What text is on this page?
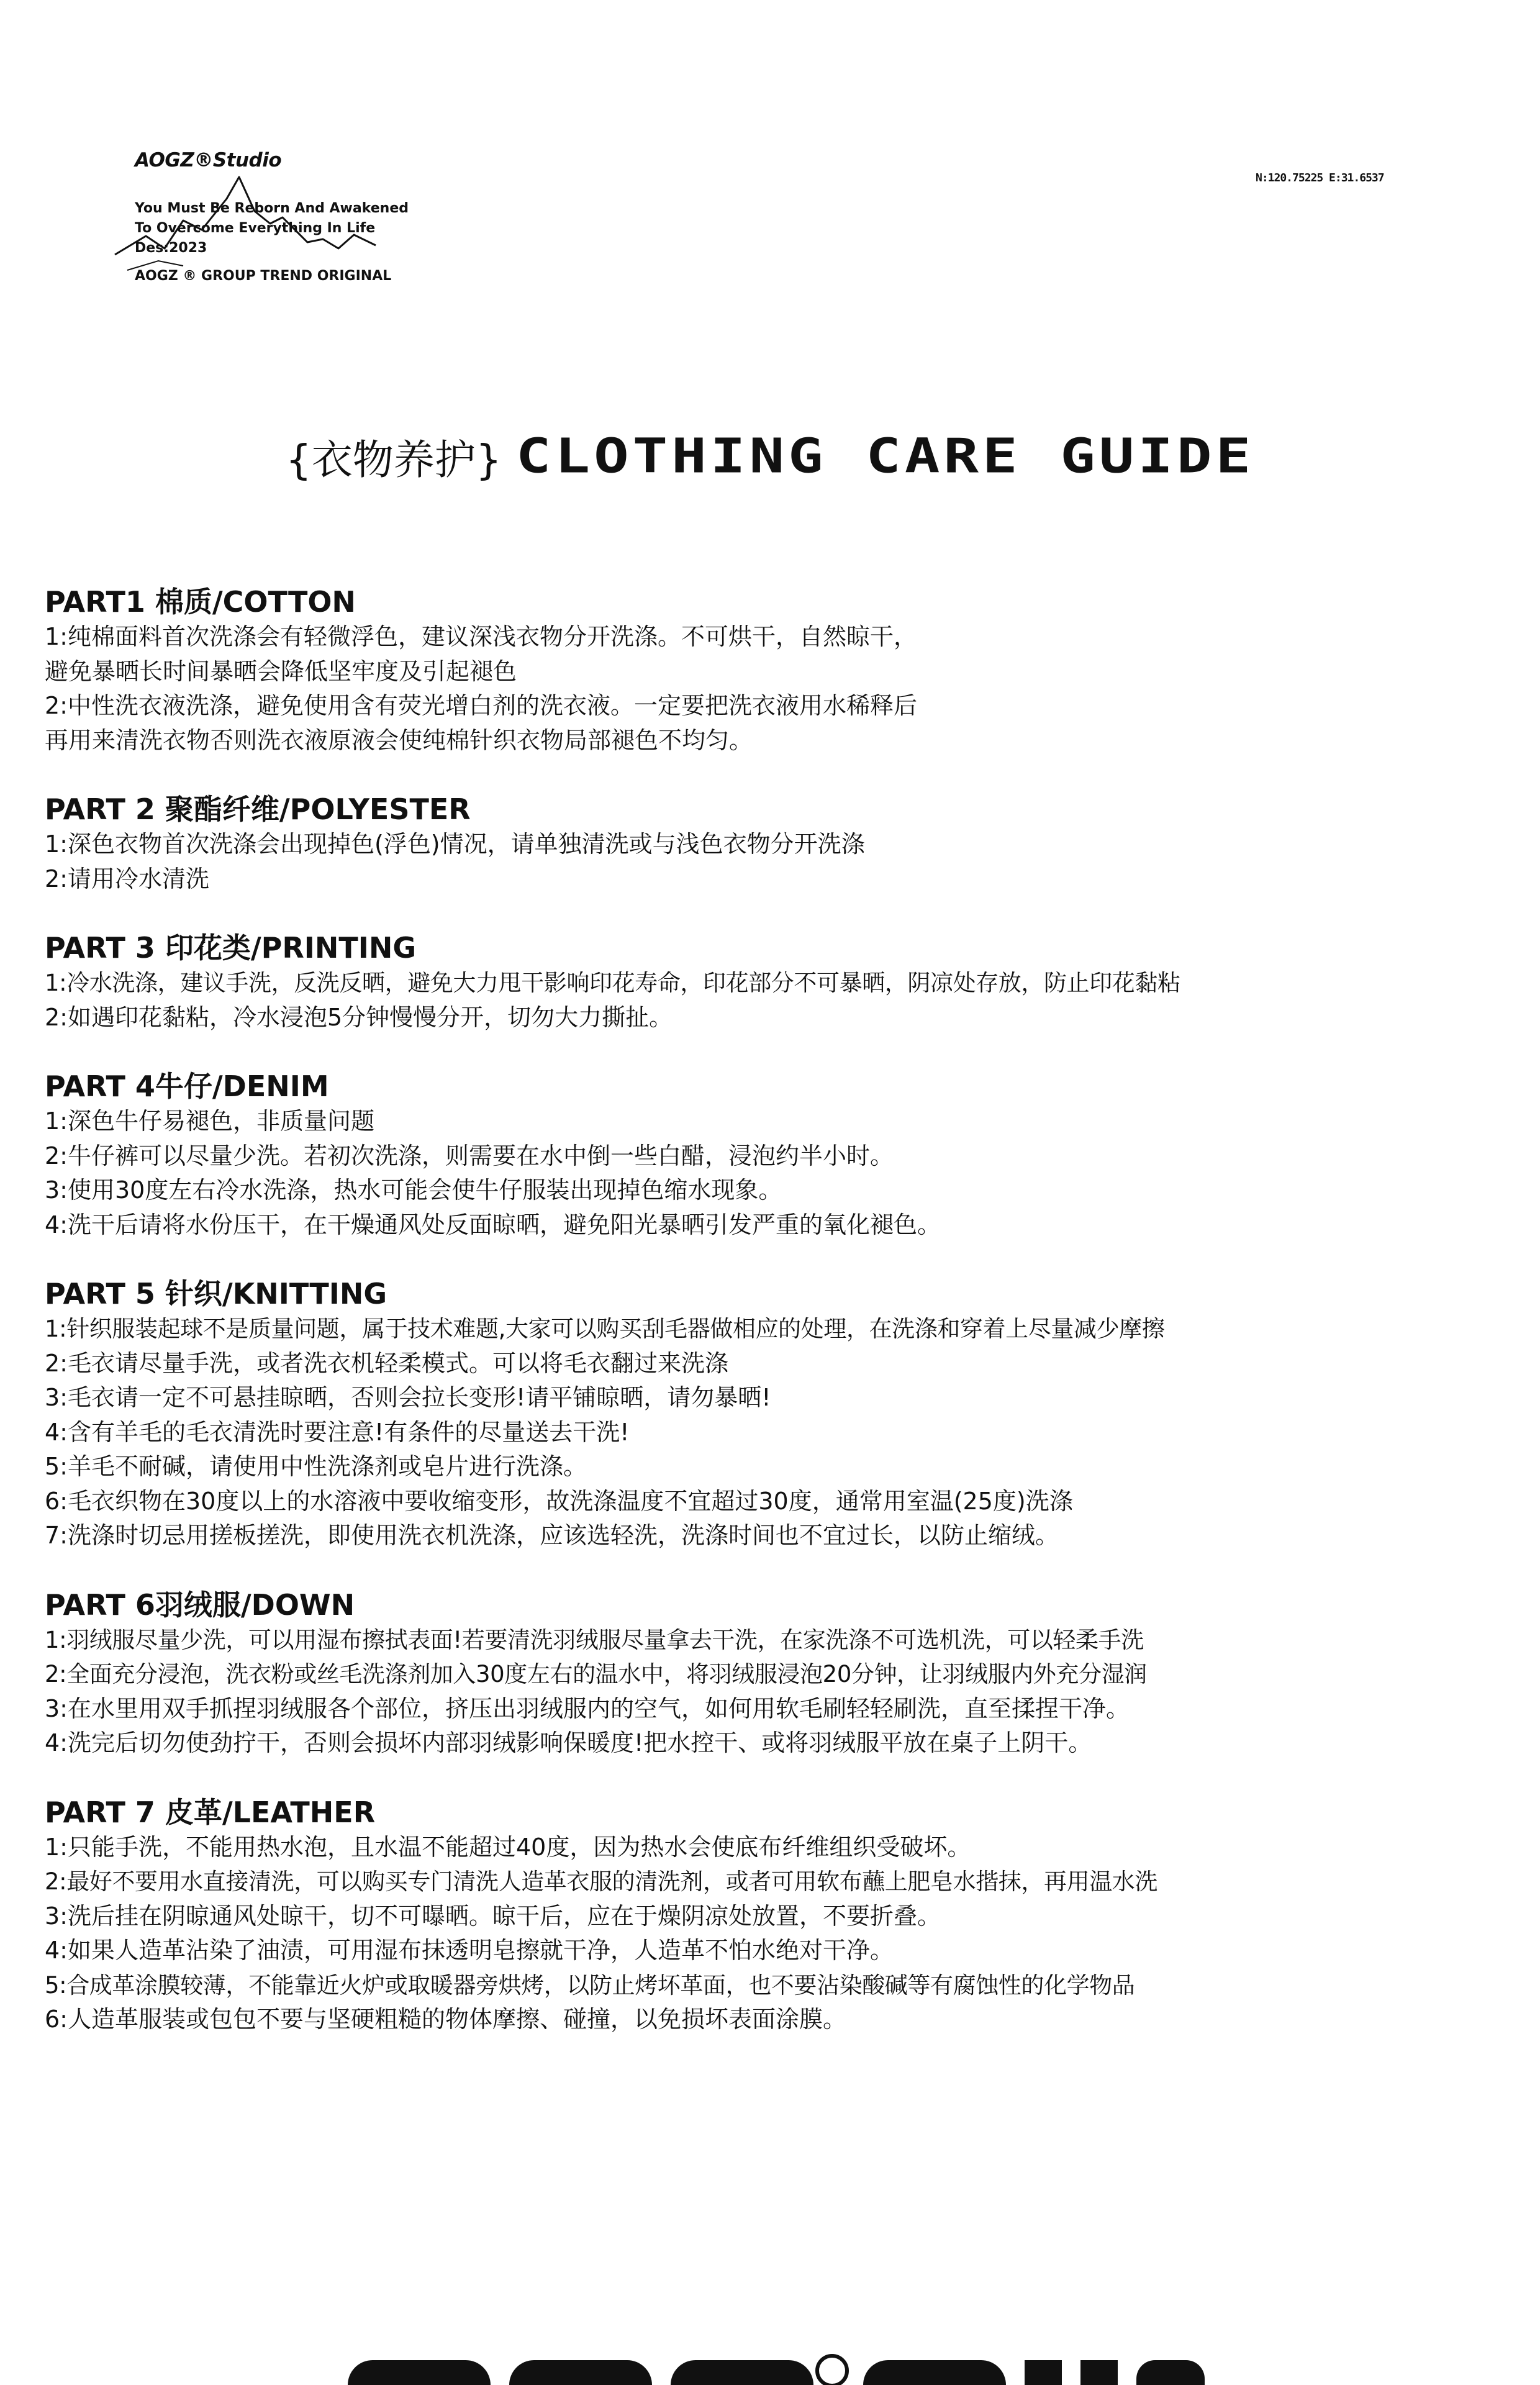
AOGZ®Studio
You Must Be Reborn And Awakened
To Overcome Everything In Life
Des:2023
AOGZ ® GROUP TREND ORIGINAL
N:120.75225 E:31.6537
{衣物养护} CLOTHING CARE GUIDE

PART1 棉质/COTTON

1:纯棉面料首次洗涤会有轻微浮色，建议深浅衣物分开洗涤。不可烘干，自然晾干，

避免暴晒长时间暴晒会降低坚牢度及引起褪色

2:中性洗衣液洗涤，避免使用含有荧光增白剂的洗衣液。一定要把洗衣液用水稀释后

再用来清洗衣物否则洗衣液原液会使纯棉针织衣物局部褪色不均匀。

PART 2 聚酯纤维/POLYESTER

1:深色衣物首次洗涤会出现掉色(浮色)情况，请单独清洗或与浅色衣物分开洗涤

2:请用冷水清洗

PART 3 印花类/PRINTING

1:冷水洗涤，建议手洗，反洗反晒，避免大力甩干影响印花寿命，印花部分不可暴晒，阴凉处存放，防止印花黏粘

2:如遇印花黏粘，冷水浸泡5分钟慢慢分开，切勿大力撕扯。

PART 4牛仔/DENIM

1:深色牛仔易褪色，非质量问题

2:牛仔裤可以尽量少洗。若初次洗涤，则需要在水中倒一些白醋，浸泡约半小时。

3:使用30度左右冷水洗涤，热水可能会使牛仔服装出现掉色缩水现象。

4:洗干后请将水份压干，在干燥通风处反面晾晒，避免阳光暴晒引发严重的氧化褪色。

PART 5 针织/KNITTING

1:针织服装起球不是质量问题，属于技术难题,大家可以购买刮毛器做相应的处理，在洗涤和穿着上尽量减少摩擦

2:毛衣请尽量手洗，或者洗衣机轻柔模式。可以将毛衣翻过来洗涤

3:毛衣请一定不可悬挂晾晒，否则会拉长变形!请平铺晾晒，请勿暴晒!

4:含有羊毛的毛衣清洗时要注意!有条件的尽量送去干洗!

5:羊毛不耐碱，请使用中性洗涤剂或皂片进行洗涤。

6:毛衣织物在30度以上的水溶液中要收缩变形，故洗涤温度不宜超过30度，通常用室温(25度)洗涤

7:洗涤时切忌用搓板搓洗，即使用洗衣机洗涤，应该选轻洗，洗涤时间也不宜过长，以防止缩绒。

PART 6羽绒服/DOWN

1:羽绒服尽量少洗，可以用湿布擦拭表面!若要清洗羽绒服尽量拿去干洗，在家洗涤不可选机洗，可以轻柔手洗

2:全面充分浸泡，洗衣粉或丝毛洗涤剂加入30度左右的温水中，将羽绒服浸泡20分钟，让羽绒服内外充分湿润

3:在水里用双手抓捏羽绒服各个部位，挤压出羽绒服内的空气，如何用软毛刷轻轻刷洗，直至揉捏干净。

4:洗完后切勿使劲拧干，否则会损坏内部羽绒影响保暖度!把水控干、或将羽绒服平放在桌子上阴干。

PART 7 皮革/LEATHER

1:只能手洗，不能用热水泡，且水温不能超过40度，因为热水会使底布纤维组织受破坏。

2:最好不要用水直接清洗，可以购买专门清洗人造革衣服的清洗剂，或者可用软布蘸上肥皂水揩抹，再用温水洗

3:洗后挂在阴晾通风处晾干，切不可曝晒。晾干后，应在于燥阴凉处放置，不要折叠。

4:如果人造革沾染了油渍，可用湿布抹透明皂擦就干净，人造革不怕水绝对干净。

5:合成革涂膜较薄，不能靠近火炉或取暖器旁烘烤，以防止烤坏革面，也不要沾染酸碱等有腐蚀性的化学物品

6:人造革服装或包包不要与坚硬粗糙的物体摩擦、碰撞，以免损坏表面涂膜。
